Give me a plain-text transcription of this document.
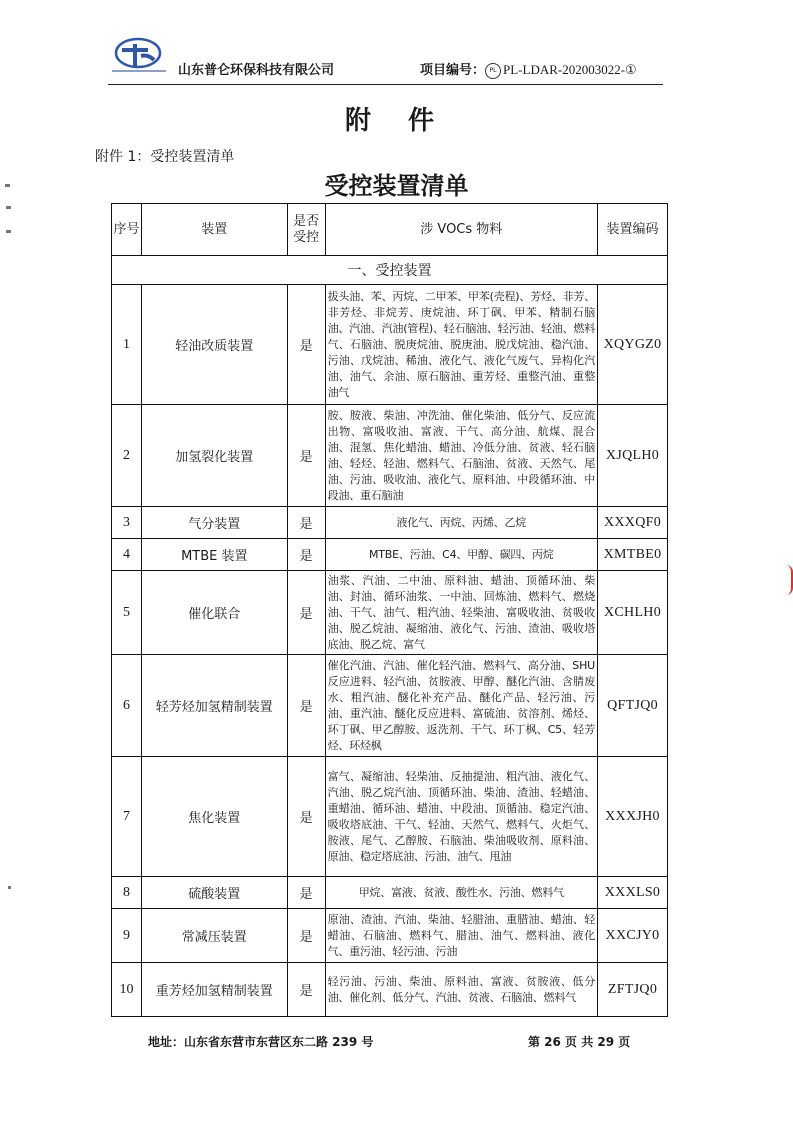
山东普仑环保科技有限公司	项目编号： PL PL-LDAR-202003022-①
附 件
附件 1：受控装置清单
受控装置清单
序号	装置	是否受控	涉 VOCs 物料	装置编码
一、受控装置				
1	轻油改质装置	是	拔头油、苯、丙烷、二甲苯、甲苯(壳程)、芳烃、非芳、非芳烃、非烷芳、庚烷油、环丁砜、甲苯、精制石脑油、汽油、汽油(管程)、轻石脑油、轻污油、轻油、燃料气、石脑油、脱庚烷油、脱庚油、脱戊烷油、稳汽油、污油、戊烷油、稀油、液化气、液化气废气、异构化汽油、油气、余油、原石脑油、重芳烃、重整汽油、重整油气	XQYGZ0
2	加氢裂化装置	是	胺、胺液、柴油、冲洗油、催化柴油、低分气、反应流出物、富吸收油、富液、干气、高分油、航煤、混合油、混氢、焦化蜡油、蜡油、冷低分油、贫液、轻石脑油、轻烃、轻油、燃料气、石脑油、贫液、天然气、尾油、污油、吸收油、液化气、原料油、中段循环油、中段油、重石脑油	XJQLH0
3	气分装置	是	液化气、丙烷、丙烯、乙烷	XXXQF0
4	MTBE 装置	是	MTBE、污油、C4、甲醇、碳四、丙烷	XMTBE0
5	催化联合	是	油浆、汽油、二中油、原料油、蜡油、顶循环油、柴油、封油、循环油浆、一中油、回炼油、燃料气、燃烧油、干气、油气、粗汽油、轻柴油、富吸收油、贫吸收油、脱乙烷油、凝缩油、液化气、污油、渣油、吸收塔底油、脱乙烷、富气	XCHLH0
6	轻芳烃加氢精制装置	是	催化汽油、汽油、催化轻汽油、燃料气、高分油、SHU 反应进料、轻汽油、贫胺液、甲醇、醚化汽油、含腈废水、粗汽油、醚化补充产品、醚化产品、轻污油、污油、重汽油、醚化反应进料、富硫油、贫溶剂、烯烃、环丁砜、甲乙醇胺、返洗剂、干气、环丁枫、C5、轻芳烃、环烃枫	QFTJQ0
7	焦化装置	是	富气、凝缩油、轻柴油、反抽提油、粗汽油、液化气、汽油、脱乙烷汽油、顶循环油、柴油、渣油、轻蜡油、重蜡油、循环油、蜡油、中段油、顶循油、稳定汽油、吸收塔底油、干气、轻油、天然气、燃料气、火炬气、胺液、尾气、乙醇胺、石脑油、柴油吸收剂、原料油、原油、稳定塔底油、污油、油气、甩油	XXXJH0
8	硫酸装置	是	甲烷、富液、贫液、酸性水、污油、燃料气	XXXLS0
9	常减压装置	是	原油、渣油、汽油、柴油、轻腊油、重腊油、蜡油、轻蜡油、石脑油、燃料气、腊油、油气、燃料油、液化气、重污油、轻污油、污油	XXCJY0
10	重芳烃加氢精制装置	是	轻污油、污油、柴油、原料油、富液、贫胺液、低分油、催化剂、低分气、汽油、贫液、石脑油、燃料气	ZFTJQ0
地址：山东省东营市东营区东二路 239 号	第 26 页 共 29 页
